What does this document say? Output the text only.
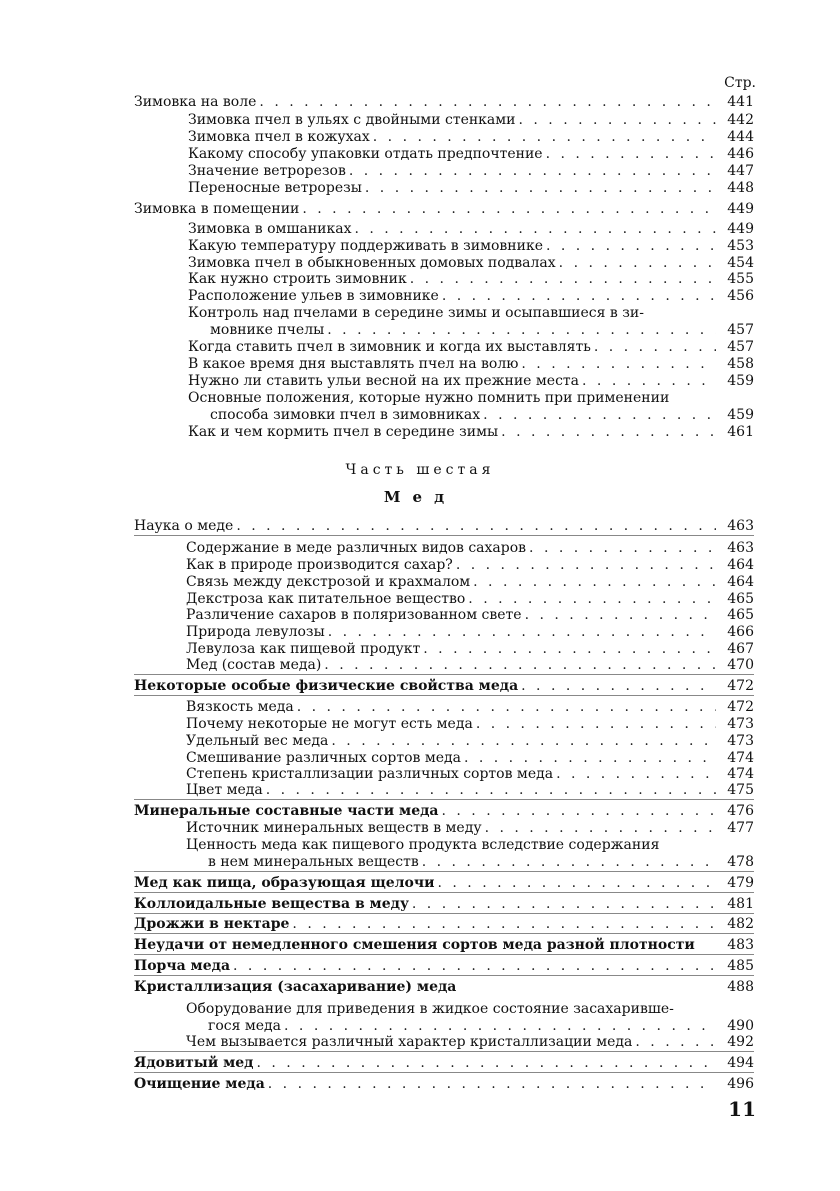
Стр.
Зимовка на воле . . .	441
Зимовка пчел в ульях с двойными стенками . . .	442
Зимовка пчел в кожухах . . .	444
Какому способу упаковки отдать предпочтение . . .	446
Значение ветрорезов . . .	447
Переносные ветрорезы . . .	448
Зимовка в помещении . . .	449
Зимовка в омшаниках . . .	449
Какую температуру поддерживать в зимовнике . . .	453
Зимовка пчел в обыкновенных домовых подвалах . . .	454
Как нужно строить зимовник . . .	455
Расположение ульев в зимовнике . . .	456
Контроль над пчелами в середине зимы и осыпавшиеся в зи-
мовнике пчелы . . .	457
Когда ставить пчел в зимовник и когда их выставлять . . .	457
В какое время дня выставлять пчел на волю . . .	458
Нужно ли ставить ульи весной на их прежние места . . .	459
Основные положения, которые нужно помнить при применении
способа зимовки пчел в зимовниках . . .	459
Как и чем кормить пчел в середине зимы . . .	461
Часть шестая
Мед
Наука о меде . . .	463
Содержание в меде различных видов сахаров . . .	463
Как в природе производится сахар? . . .	464
Связь между декстрозой и крахмалом . . .	464
Декстроза как питательное вещество . . .	465
Различение сахаров в поляризованном свете . . .	465
Природа левулозы . . .	466
Левулоза как пищевой продукт . . .	467
Мед (состав меда) . . .	470
Некоторые особые физические свойства меда . . .	472
Вязкость меда . . .	472
Почему некоторые не могут есть меда . . .	473
Удельный вес меда . . .	473
Смешивание различных сортов меда . . .	474
Степень кристаллизации различных сортов меда . . .	474
Цвет меда . . .	475
Минеральные составные части меда . . .	476
Источник минеральных веществ в меду . . .	477
Ценность меда как пищевого продукта вследствие содержания
в нем минеральных веществ . . .	478
Мед как пища, образующая щелочи . . .	479
Коллоидальные вещества в меду . . .	481
Дрожжи в нектаре . . .	482
Неудачи от немедленного смешения сортов меда разной плотности	483
Порча меда . . .	485
Кристаллизация (засахаривание) меда	488
Оборудование для приведения в жидкое состояние засахаривше-
гося меда . . .	490
Чем вызывается различный характер кристаллизации меда . . .	492
Ядовитый мед . . .	494
Очищение меда . . .	496
11
